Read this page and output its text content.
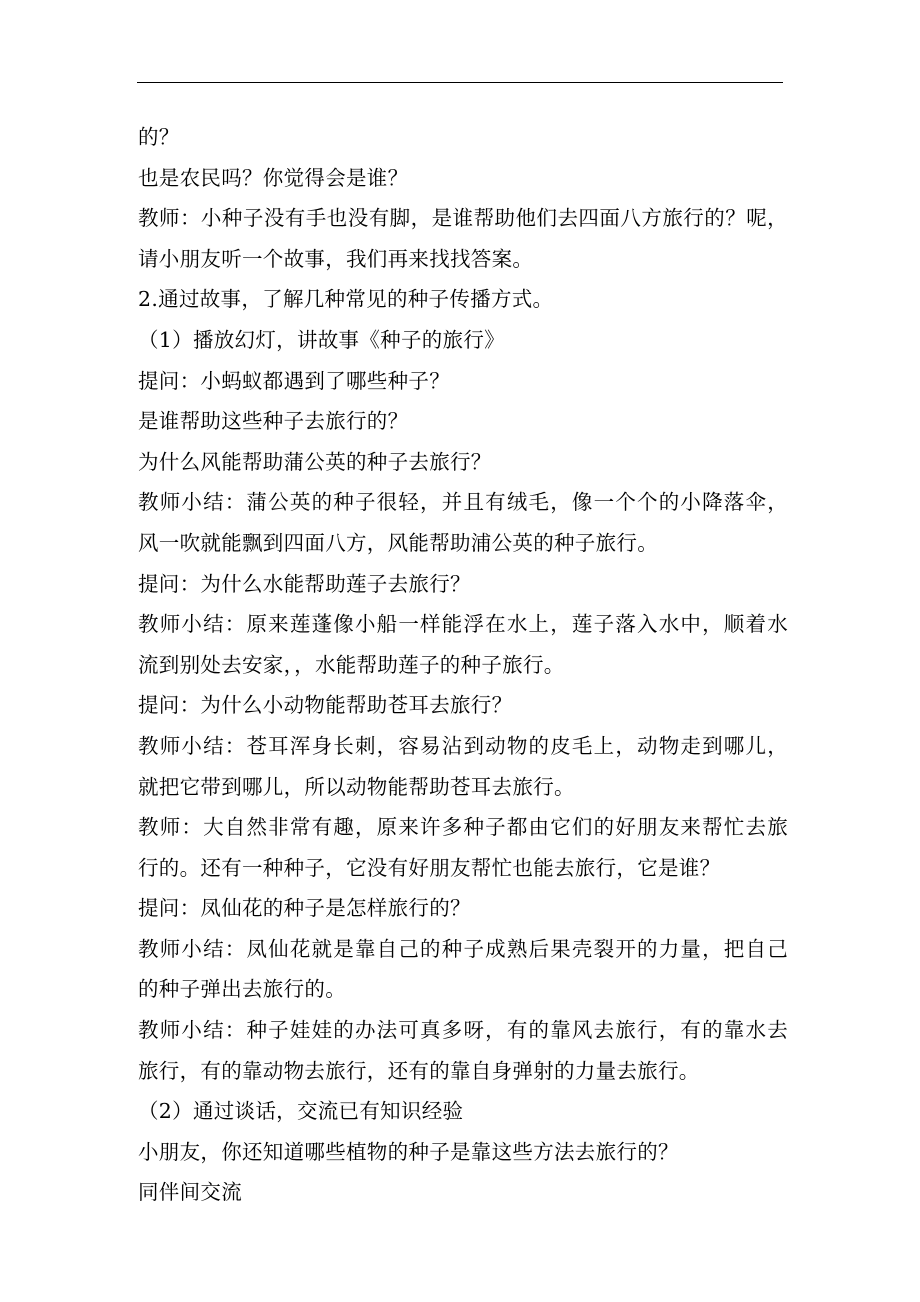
的？
也是农民吗？你觉得会是谁？
教师：小种子没有手也没有脚，是谁帮助他们去四面八方旅行的？呢，
请小朋友听一个故事，我们再来找找答案。
2.通过故事，了解几种常见的种子传播方式。
（1）播放幻灯，讲故事《种子的旅行》
提问：小蚂蚁都遇到了哪些种子？
是谁帮助这些种子去旅行的？
为什么风能帮助蒲公英的种子去旅行？
教师小结：蒲公英的种子很轻，并且有绒毛，像一个个的小降落伞，
风一吹就能飘到四面八方，风能帮助浦公英的种子旅行。
提问：为什么水能帮助莲子去旅行？
教师小结：原来莲蓬像小船一样能浮在水上，莲子落入水中，顺着水
流到别处去安家，，水能帮助莲子的种子旅行。
提问：为什么小动物能帮助苍耳去旅行？
教师小结：苍耳浑身长刺，容易沾到动物的皮毛上，动物走到哪儿，
就把它带到哪儿，所以动物能帮助苍耳去旅行。
教师：大自然非常有趣，原来许多种子都由它们的好朋友来帮忙去旅
行的。还有一种种子，它没有好朋友帮忙也能去旅行，它是谁？
提问：凤仙花的种子是怎样旅行的？
教师小结：凤仙花就是靠自己的种子成熟后果壳裂开的力量，把自己
的种子弹出去旅行的。
教师小结：种子娃娃的办法可真多呀，有的靠风去旅行，有的靠水去
旅行，有的靠动物去旅行，还有的靠自身弹射的力量去旅行。
（2）通过谈话，交流已有知识经验
小朋友，你还知道哪些植物的种子是靠这些方法去旅行的？
同伴间交流
